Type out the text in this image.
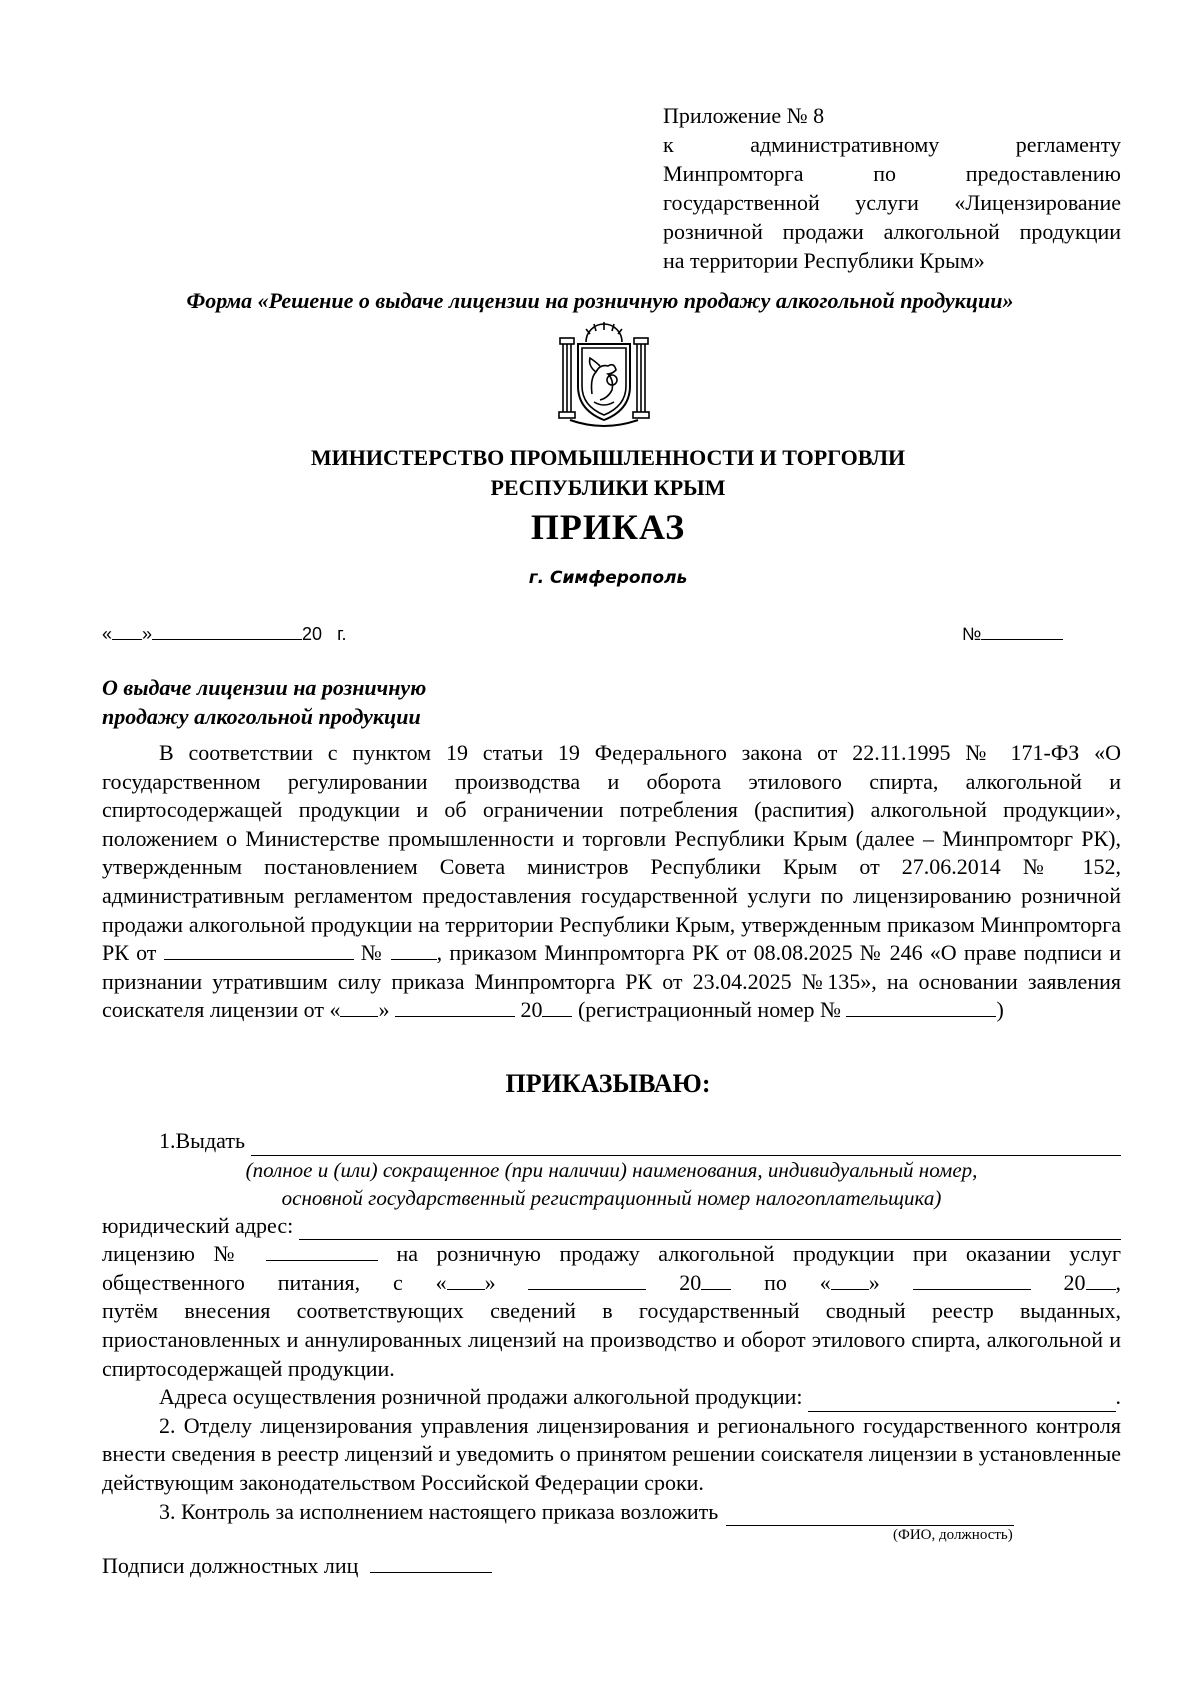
Приложение № 8
к административному регламенту
Минпромторга по предоставлению
государственной услуги «Лицензирование
розничной продажи алкогольной продукции
на территории Республики Крым»
Форма «Решение о выдаче лицензии на розничную продажу алкогольной продукции»
МИНИСТЕРСТВО ПРОМЫШЛЕННОСТИ И ТОРГОВЛИ
РЕСПУБЛИКИ КРЫМ
ПРИКАЗ
г. Симферополь
« »	20 г.	№
О выдаче лицензии на розничную
продажу алкогольной продукции
В соответствии с пунктом 19 статьи 19 Федерального закона от 22.11.1995 № 171-ФЗ «О государственном регулировании производства и оборота этилового спирта, алкогольной и спиртосодержащей продукции и об ограничении потребления (распития) алкогольной продукции», положением о Министерстве промышленности и торговли Республики Крым (далее – Минпромторг РК), утвержденным постановлением Совета министров Республики Крым от 27.06.2014 № 152, административным регламентом предоставления государственной услуги по лицензированию розничной продажи алкогольной продукции на территории Республики Крым, утвержденным приказом Минпромторга РК от	№ , приказом Минпромторга РК от 08.08.2025 № 246 «О праве подписи и признании утратившим силу приказа Минпромторга РК от 23.04.2025 №135», на основании заявления соискателя лицензии от « »	20 (регистрационный номер №	)
ПРИКАЗЫВАЮ:
1.Выдать
(полное и (или) сокращенное (при наличии) наименования, индивидуальный номер,
основной государственный регистрационный номер налогоплательщика)
юридический адрес:
лицензию №	на розничную продажу алкогольной продукции при оказании услуг
общественного питания, с « »	20	по « »	20 ,
путём внесения соответствующих сведений в государственный сводный реестр выданных, приостановленных и аннулированных лицензий на производство и оборот этилового спирта, алкогольной и спиртосодержащей продукции.
Адреса осуществления розничной продажи алкогольной продукции:	.
2. Отделу лицензирования управления лицензирования и регионального государственного контроля внести сведения в реестр лицензий и уведомить о принятом решении соискателя лицензии в установленные действующим законодательством Российской Федерации сроки.
3. Контроль за исполнением настоящего приказа возложить
(ФИО, должность)
Подписи должностных лиц
